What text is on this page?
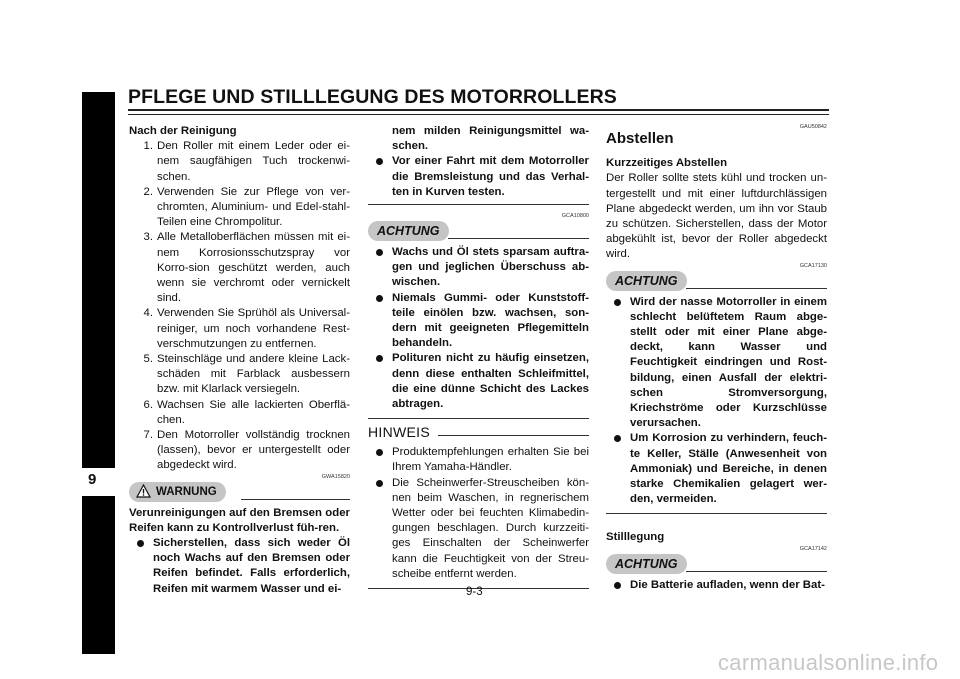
9
PFLEGE UND STILLLEGUNG DES MOTORROLLERS

Nach der Reinigung

1. Den Roller mit einem Leder oder ei-nem saugfähigen Tuch trockenwi-schen.
2. Verwenden Sie zur Pflege von ver-chromten, Aluminium- und Edel-stahl-Teilen eine Chrompolitur.
3. Alle Metalloberflächen müssen mit ei-nem Korrosionsschutzspray vor Korro-sion geschützt werden, auch wenn sie verchromt oder vernickelt sind.
4. Verwenden Sie Sprühöl als Universal-reiniger, um noch vorhandene Rest-verschmutzungen zu entfernen.
5. Steinschläge und andere kleine Lack-schäden mit Farblack ausbessern bzw. mit Klarlack versiegeln.
6. Wachsen Sie alle lackierten Oberflä-chen.
7. Den Motorroller vollständig trocknen (lassen), bevor er untergestellt oder abgedeckt wird.
GWA15820
WARNUNG

Verunreinigungen auf den Bremsen oder Reifen kann zu Kontrollverlust füh-ren.

Sicherstellen, dass sich weder Öl noch Wachs auf den Bremsen oder Reifen befindet. Falls erforderlich, Reifen mit warmem Wasser und ei-
nem milden Reinigungsmittel wa-schen.
Vor einer Fahrt mit dem Motorroller die Bremsleistung und das Verhal-ten in Kurven testen.
GCA10800
ACHTUNG
Wachs und Öl stets sparsam auftra-gen und jeglichen Überschuss ab-wischen.
Niemals Gummi- oder Kunststoff-teile einölen bzw. wachsen, son-dern mit geeigneten Pflegemitteln behandeln.
Polituren nicht zu häufig einsetzen, denn diese enthalten Schleifmittel, die eine dünne Schicht des Lackes abtragen.
HINWEIS
Produktempfehlungen erhalten Sie bei Ihrem Yamaha-Händler.
Die Scheinwerfer-Streuscheiben kön-nen beim Waschen, in regnerischem Wetter oder bei feuchten Klimabedin-gungen beschlagen. Durch kurzzeiti-ges Einschalten der Scheinwerfer kann die Feuchtigkeit von der Streu-scheibe entfernt werden.
GAU50842

Abstellen

Kurzzeitiges Abstellen

Der Roller sollte stets kühl und trocken un-tergestellt und mit einer luftdurchlässigen Plane abgedeckt werden, um ihn vor Staub zu schützen. Sicherstellen, dass der Motor abgekühlt ist, bevor der Roller abgedeckt wird.

GCA17130
ACHTUNG
Wird der nasse Motorroller in einem schlecht belüftetem Raum abge-stellt oder mit einer Plane abge-deckt, kann Wasser und Feuchtigkeit eindringen und Rost-bildung, einen Ausfall der elektri-schen Stromversorgung, Kriechströme oder Kurzschlüsse verursachen.
Um Korrosion zu verhindern, feuch-te Keller, Ställe (Anwesenheit von Ammoniak) und Bereiche, in denen starke Chemikalien gelagert wer-den, vermeiden.

Stilllegung

GCA17142
ACHTUNG
Die Batterie aufladen, wenn der Bat-
9-3
carmanualsonline.info
